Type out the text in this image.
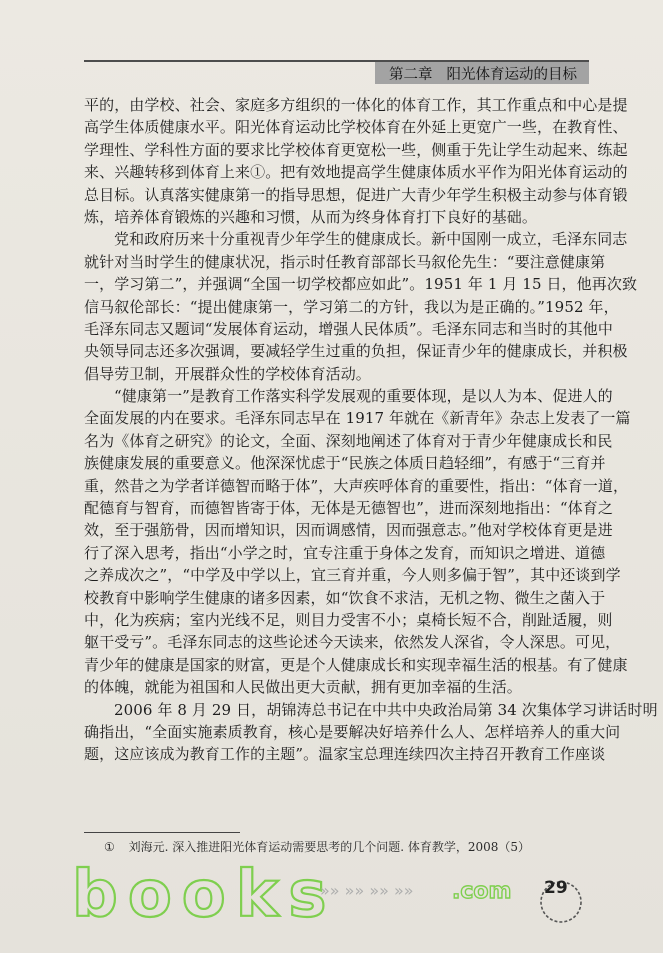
第二章 阳光体育运动的目标
平的，由学校、社会、家庭多方组织的一体化的体育工作，其工作重点和中心是提
高学生体质健康水平。阳光体育运动比学校体育在外延上更宽广一些，在教育性、
学理性、学科性方面的要求比学校体育更宽松一些，侧重于先让学生动起来、练起
来、兴趣转移到体育上来①。把有效地提高学生健康体质水平作为阳光体育运动的
总目标。认真落实健康第一的指导思想，促进广大青少年学生积极主动参与体育锻
炼，培养体育锻炼的兴趣和习惯，从而为终身体育打下良好的基础。
党和政府历来十分重视青少年学生的健康成长。新中国刚一成立，毛泽东同志
就针对当时学生的健康状况，指示时任教育部部长马叙伦先生：“要注意健康第
一，学习第二”，并强调“全国一切学校都应如此”。1951 年 1 月 15 日，他再次致
信马叙伦部长：“提出健康第一，学习第二的方针，我以为是正确的。”1952 年，
毛泽东同志又题词“发展体育运动，增强人民体质”。毛泽东同志和当时的其他中
央领导同志还多次强调，要减轻学生过重的负担，保证青少年的健康成长，并积极
倡导劳卫制，开展群众性的学校体育活动。
“健康第一”是教育工作落实科学发展观的重要体现，是以人为本、促进人的
全面发展的内在要求。毛泽东同志早在 1917 年就在《新青年》杂志上发表了一篇
名为《体育之研究》的论文，全面、深刻地阐述了体育对于青少年健康成长和民
族健康发展的重要意义。他深深忧虑于“民族之体质日趋轻细”，有感于“三育并
重，然昔之为学者详德智而略于体”，大声疾呼体育的重要性，指出：“体育一道，
配德育与智育，而德智皆寄于体，无体是无德智也”，进而深刻地指出：“体育之
效，至于强筋骨，因而增知识，因而调感情，因而强意志。”他对学校体育更是进
行了深入思考，指出“小学之时，宜专注重于身体之发育，而知识之增进、道德
之养成次之”，“中学及中学以上，宜三育并重，今人则多偏于智”，其中还谈到学
校教育中影响学生健康的诸多因素，如“饮食不求洁，无机之物、微生之菌入于
中，化为疾病；室内光线不足，则目力受害不小；桌椅长短不合，削趾适履，则
躯干受亏”。毛泽东同志的这些论述今天读来，依然发人深省，令人深思。可见，
青少年的健康是国家的财富，更是个人健康成长和实现幸福生活的根基。有了健康
的体魄，就能为祖国和人民做出更大贡献，拥有更加幸福的生活。
2006 年 8 月 29 日，胡锦涛总书记在中共中央政治局第 34 次集体学习讲话时明
确指出，“全面实施素质教育，核心是要解决好培养什么人、怎样培养人的重大问
题，这应该成为教育工作的主题”。温家宝总理连续四次主持召开教育工作座谈
① 刘海元. 深入推进阳光体育运动需要思考的几个问题. 体育教学，2008（5）
books	.com
»» »» »» »»	29
